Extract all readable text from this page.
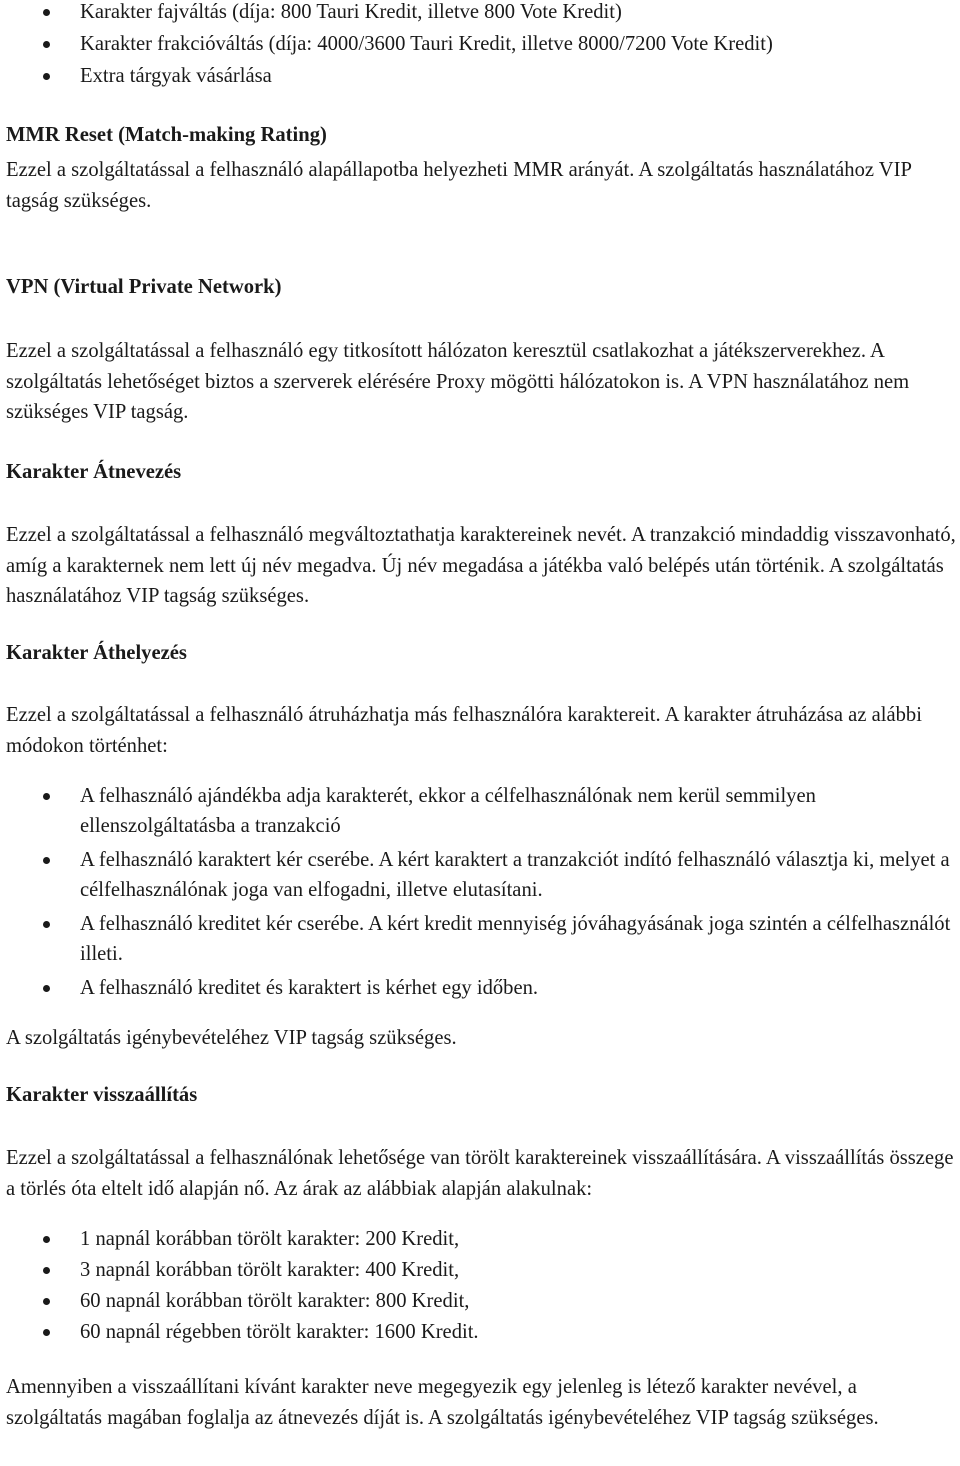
Karakter fajváltás (díja: 800 Tauri Kredit, illetve 800 Vote Kredit)
Karakter frakcióváltás (díja: 4000/3600 Tauri Kredit, illetve 8000/7200 Vote Kredit)
Extra tárgyak vásárlása

MMR Reset (Match-making Rating)

Ezzel a szolgáltatással a felhasználó alapállapotba helyezheti MMR arányát. A szolgáltatás használatához VIP tagság szükséges.

VPN (Virtual Private Network)

Ezzel a szolgáltatással a felhasználó egy titkosított hálózaton keresztül csatlakozhat a játékszerverekhez. A szolgáltatás lehetőséget biztos a szerverek elérésére Proxy mögötti hálózatokon is. A VPN használatához nem szükséges VIP tagság.

Karakter Átnevezés

Ezzel a szolgáltatással a felhasználó megváltoztathatja karaktereinek nevét. A tranzakció mindaddig visszavonható, amíg a karakternek nem lett új név megadva. Új név megadása a játékba való belépés után történik. A szolgáltatás használatához VIP tagság szükséges.

Karakter Áthelyezés

Ezzel a szolgáltatással a felhasználó átruházhatja más felhasználóra karaktereit. A karakter átruházása az alábbi módokon történhet:

A felhasználó ajándékba adja karakterét, ekkor a célfelhasználónak nem kerül semmilyen ellenszolgáltatásba a tranzakció
A felhasználó karaktert kér cserébe. A kért karaktert a tranzakciót indító felhasználó választja ki, melyet a célfelhasználónak joga van elfogadni, illetve elutasítani.
A felhasználó kreditet kér cserébe. A kért kredit mennyiség jóváhagyásának joga szintén a célfelhasználót illeti.
A felhasználó kreditet és karaktert is kérhet egy időben.

A szolgáltatás igénybevételéhez VIP tagság szükséges.

Karakter visszaállítás

Ezzel a szolgáltatással a felhasználónak lehetősége van törölt karaktereinek visszaállítására. A visszaállítás összege a törlés óta eltelt idő alapján nő. Az árak az alábbiak alapján alakulnak:

1 napnál korábban törölt karakter: 200 Kredit,
3 napnál korábban törölt karakter: 400 Kredit,
60 napnál korábban törölt karakter: 800 Kredit,
60 napnál régebben törölt karakter: 1600 Kredit.

Amennyiben a visszaállítani kívánt karakter neve megegyezik egy jelenleg is létező karakter nevével, a szolgáltatás magában foglalja az átnevezés díját is. A szolgáltatás igénybevételéhez VIP tagság szükséges.
